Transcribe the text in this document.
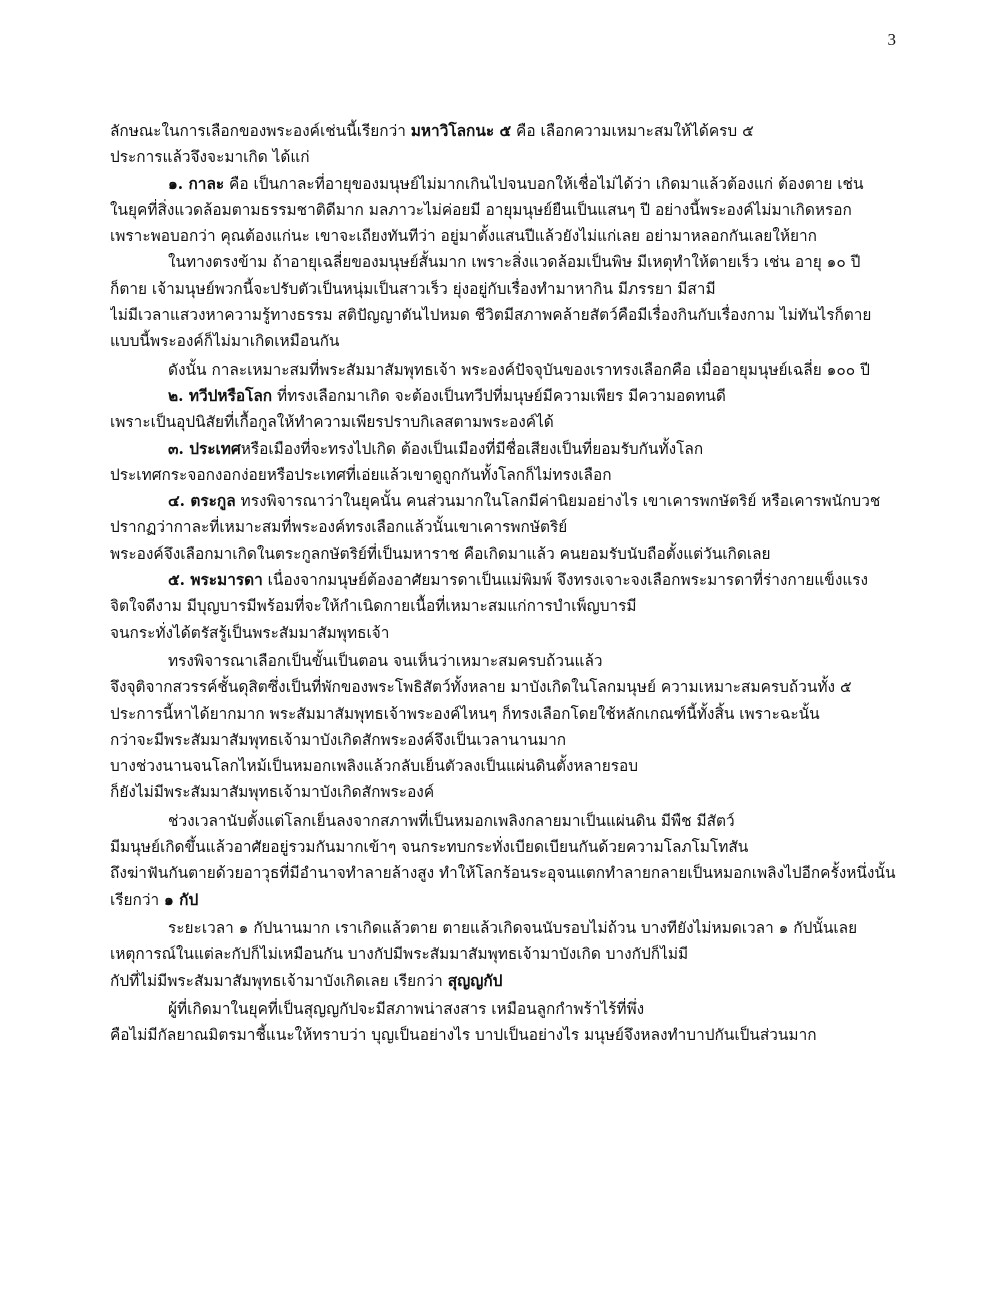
3

ลักษณะในการเลือกของพระองค์เช่นนี้เรียกว่า มหาวิโลกนะ ๕ คือ เลือกความเหมาะสมให้ได้ครบ ๕

ประการแล้วจึงจะมาเกิด ได้แก่

๑. กาละ คือ เป็นกาละที่อายุของมนุษย์ไม่มากเกินไปจนบอกให้เชื่อไม่ได้ว่า เกิดมาแล้วต้องแก่ ต้องตาย เช่น

ในยุคที่สิ่งแวดล้อมตามธรรมชาติดีมาก มลภาวะไม่ค่อยมี อายุมนุษย์ยืนเป็นแสนๆ ปี อย่างนี้พระองค์ไม่มาเกิดหรอก

เพราะพอบอกว่า คุณต้องแก่นะ เขาจะเถียงทันทีว่า อยู่มาตั้งแสนปีแล้วยังไม่แก่เลย อย่ามาหลอกกันเลยให้ยาก

ในทางตรงข้าม ถ้าอายุเฉลี่ยของมนุษย์สั้นมาก เพราะสิ่งแวดล้อมเป็นพิษ มีเหตุทำให้ตายเร็ว เช่น อายุ ๑๐ ปี

ก็ตาย เจ้ามนุษย์พวกนี้จะปรับตัวเป็นหนุ่มเป็นสาวเร็ว ยุ่งอยู่กับเรื่องทำมาหากิน มีภรรยา มีสามี

ไม่มีเวลาแสวงหาความรู้ทางธรรม สติปัญญาตันไปหมด ชีวิตมีสภาพคล้ายสัตว์คือมีเรื่องกินกับเรื่องกาม ไม่ทันไรก็ตาย

แบบนี้พระองค์ก็ไม่มาเกิดเหมือนกัน

ดังนั้น กาละเหมาะสมที่พระสัมมาสัมพุทธเจ้า พระองค์ปัจจุบันของเราทรงเลือกคือ เมื่ออายุมนุษย์เฉลี่ย ๑๐๐ ปี

๒. ทวีปหรือโลก ที่ทรงเลือกมาเกิด จะต้องเป็นทวีปที่มนุษย์มีความเพียร มีความอดทนดี

เพราะเป็นอุปนิสัยที่เกื้อกูลให้ทำความเพียรปราบกิเลสตามพระองค์ได้

๓. ประเทศหรือเมืองที่จะทรงไปเกิด ต้องเป็นเมืองที่มีชื่อเสียงเป็นที่ยอมรับกันทั้งโลก

ประเทศกระจอกงอกง่อยหรือประเทศที่เอ่ยแล้วเขาดูถูกกันทั้งโลกก็ไม่ทรงเลือก

๔. ตระกูล ทรงพิจารณาว่าในยุคนั้น คนส่วนมากในโลกมีค่านิยมอย่างไร เขาเคารพกษัตริย์ หรือเคารพนักบวช

ปรากฏว่ากาละที่เหมาะสมที่พระองค์ทรงเลือกแล้วนั้นเขาเคารพกษัตริย์

พระองค์จึงเลือกมาเกิดในตระกูลกษัตริย์ที่เป็นมหาราช คือเกิดมาแล้ว คนยอมรับนับถือตั้งแต่วันเกิดเลย

๕. พระมารดา เนื่องจากมนุษย์ต้องอาศัยมารดาเป็นแม่พิมพ์ จึงทรงเจาะจงเลือกพระมารดาที่ร่างกายแข็งแรง

จิตใจดีงาม มีบุญบารมีพร้อมที่จะให้กำเนิดกายเนื้อที่เหมาะสมแก่การบำเพ็ญบารมี

จนกระทั่งได้ตรัสรู้เป็นพระสัมมาสัมพุทธเจ้า

ทรงพิจารณาเลือกเป็นขั้นเป็นตอน จนเห็นว่าเหมาะสมครบถ้วนแล้ว

จึงจุติจากสวรรค์ชั้นดุสิตซึ่งเป็นที่พักของพระโพธิสัตว์ทั้งหลาย มาบังเกิดในโลกมนุษย์ ความเหมาะสมครบถ้วนทั้ง ๕

ประการนี้หาได้ยากมาก พระสัมมาสัมพุทธเจ้าพระองค์ไหนๆ ก็ทรงเลือกโดยใช้หลักเกณฑ์นี้ทั้งสิ้น เพราะฉะนั้น

กว่าจะมีพระสัมมาสัมพุทธเจ้ามาบังเกิดสักพระองค์จึงเป็นเวลานานมาก

บางช่วงนานจนโลกไหม้เป็นหมอกเพลิงแล้วกลับเย็นตัวลงเป็นแผ่นดินตั้งหลายรอบ

ก็ยังไม่มีพระสัมมาสัมพุทธเจ้ามาบังเกิดสักพระองค์

ช่วงเวลานับตั้งแต่โลกเย็นลงจากสภาพที่เป็นหมอกเพลิงกลายมาเป็นแผ่นดิน มีพืช มีสัตว์

มีมนุษย์เกิดขึ้นแล้วอาศัยอยู่รวมกันมากเข้าๆ จนกระทบกระทั่งเบียดเบียนกันด้วยความโลภโมโทสัน

ถึงฆ่าฟันกันตายด้วยอาวุธที่มีอำนาจทำลายล้างสูง ทำให้โลกร้อนระอุจนแตกทำลายกลายเป็นหมอกเพลิงไปอีกครั้งหนึ่งนั้น

เรียกว่า ๑ กัป

ระยะเวลา ๑ กัปนานมาก เราเกิดแล้วตาย ตายแล้วเกิดจนนับรอบไม่ถ้วน บางทียังไม่หมดเวลา ๑ กัปนั้นเลย

เหตุการณ์ในแต่ละกัปก็ไม่เหมือนกัน บางกัปมีพระสัมมาสัมพุทธเจ้ามาบังเกิด บางกัปก็ไม่มี

กัปที่ไม่มีพระสัมมาสัมพุทธเจ้ามาบังเกิดเลย เรียกว่า สุญญกัป

ผู้ที่เกิดมาในยุคที่เป็นสุญญกัปจะมีสภาพน่าสงสาร เหมือนลูกกำพร้าไร้ที่พึ่ง

คือไม่มีกัลยาณมิตรมาชี้แนะให้ทราบว่า บุญเป็นอย่างไร บาปเป็นอย่างไร มนุษย์จึงหลงทำบาปกันเป็นส่วนมาก
